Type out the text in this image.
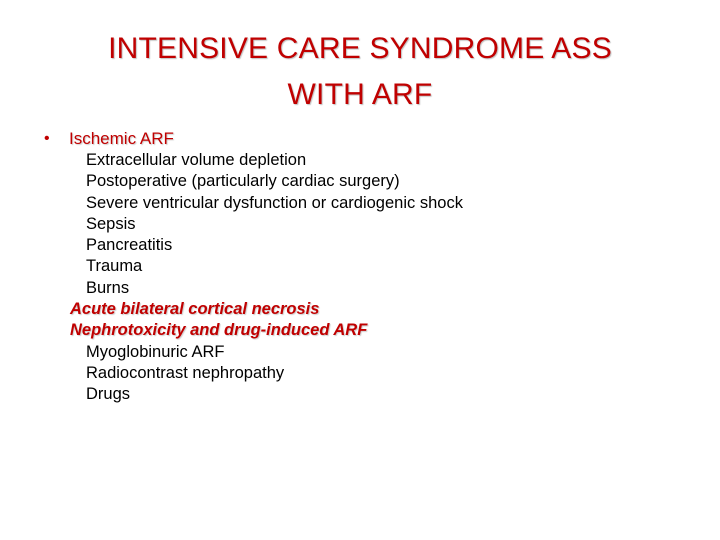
INTENSIVE CARE SYNDROME ASS
WITH ARF
• Ischemic ARF
Extracellular volume depletion
Postoperative (particularly cardiac surgery)
Severe ventricular dysfunction or cardiogenic shock
Sepsis
Pancreatitis
Trauma
Burns
Acute bilateral cortical necrosis
Nephrotoxicity and drug-induced ARF
Myoglobinuric ARF
Radiocontrast nephropathy
Drugs
